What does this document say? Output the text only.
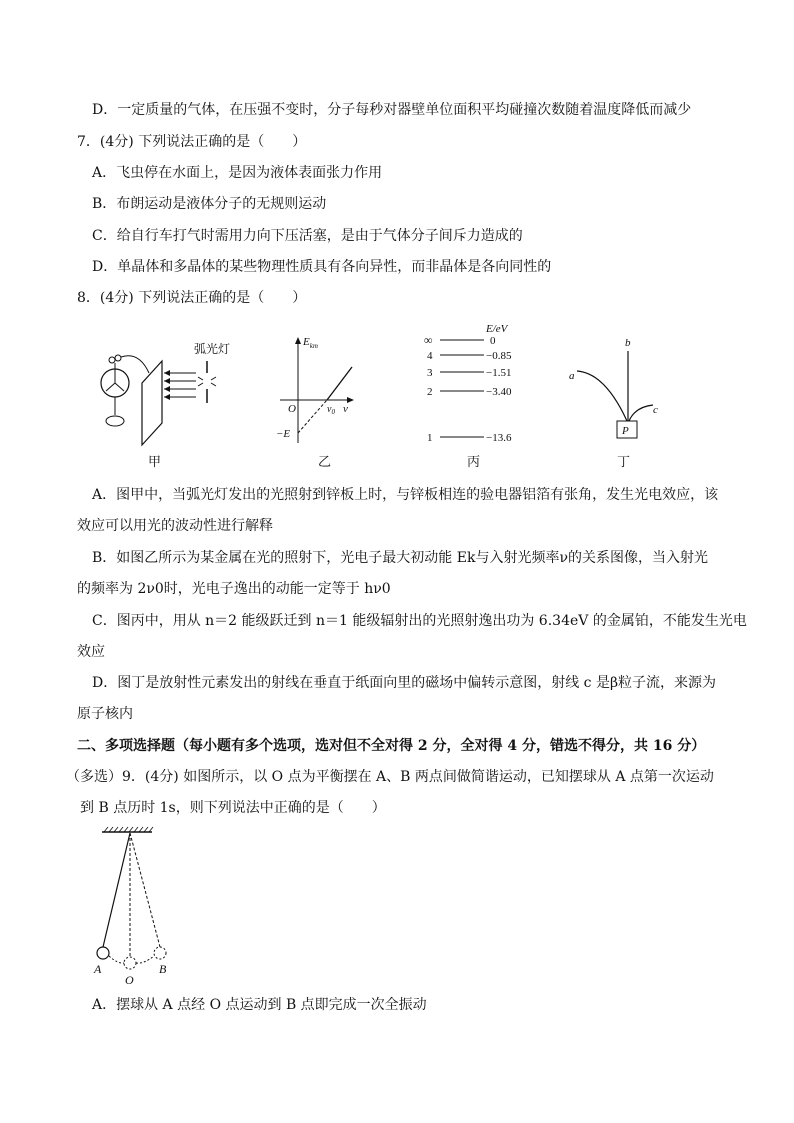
D．一定质量的气体，在压强不变时，分子每秒对器壁单位面积平均碰撞次数随着温度降低而减少
7．(4分) 下列说法正确的是（　　）
A．飞虫停在水面上，是因为液体表面张力作用
B．布朗运动是液体分子的无规则运动
C．给自行车打气时需用力向下压活塞，是由于气体分子间斥力造成的
D．单晶体和多晶体的某些物理性质具有各向异性，而非晶体是各向同性的
8．(4分) 下列说法正确的是（　　）
弧光灯
甲
$E_{km}$
O	$\nu_0$ ν
−E
乙
E/eV
∞	0
4	−0.85
3	−1.51
2	−3.40
1	−13.6
丙
P
b
a
c
丁
A．图甲中，当弧光灯发出的光照射到锌板上时，与锌板相连的验电器铝箔有张角，发生光电效应，该
效应可以用光的波动性进行解释
B．如图乙所示为某金属在光的照射下，光电子最大初动能 Ek与入射光频率ν的关系图像，当入射光
的频率为 2ν0时，光电子逸出的动能一定等于 hν0
C．图丙中，用从 n＝2 能级跃迁到 n＝1 能级辐射出的光照射逸出功为 6.34eV 的金属铂，不能发生光电
效应
D．图丁是放射性元素发出的射线在垂直于纸面向里的磁场中偏转示意图，射线 c 是β粒子流，来源为
原子核内
二、多项选择题（每小题有多个选项，选对但不全对得 2 分，全对得 4 分，错选不得分，共 16 分）
（多选）9．(4分) 如图所示，以 O 点为平衡摆在 A、B 两点间做简谐运动，已知摆球从 A 点第一次运动
到 B 点历时 1s，则下列说法中正确的是（　　）
A
O
B
A．摆球从 A 点经 O 点运动到 B 点即完成一次全振动
